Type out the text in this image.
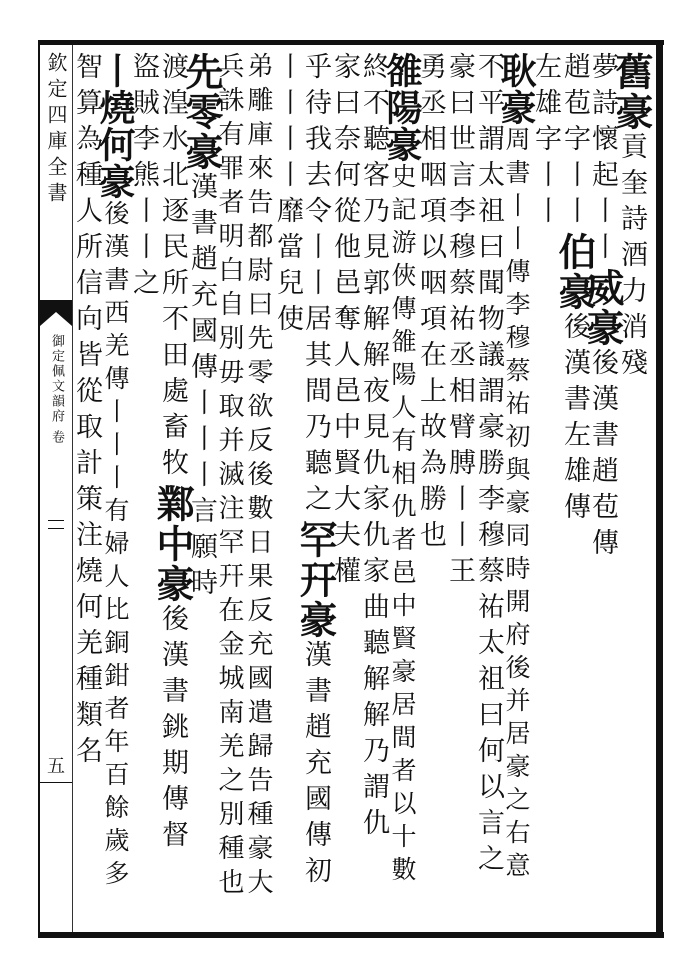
欽定四庫全書
御定佩文韻府 卷
五
舊豪貢奎詩酒力消殘
夢詩懷起丨丨威豪後漢書趙苞傳
趙苞字丨丨伯豪後漢書左雄傳
左雄字丨丨
耿豪周書丨丨傳李穆蔡祐初與豪同時開府後并居豪之右意
不平謂太祖曰聞物議謂豪勝李穆蔡祐太祖曰何以言之
豪曰世言李穆蔡祐丞相臂膊丨丨王
勇丞相咽項以咽項在上故為勝也
雒陽豪史記游俠傳雒陽人有相仇者邑中賢豪居間者以十數
終不聽客乃見郭解解夜見仇家仇家曲聽解解乃謂仇
家曰奈何從他邑奪人邑中賢大夫權
乎待我去令丨丨居其間乃聽之罕幵豪漢書趙充國傳初
丨丨丨丨靡當兒使
弟雕庫來告都尉曰先零欲反後數日果反充國遣歸告種豪大
兵誅有罪者明白自別毋取并滅注罕幵在金城南羌之別種也
先零豪漢書趙充國傳丨丨丨言願時
渡湟水北逐民所不田處畜牧鄴中豪後漢書銚期傳督
盜賊李熊丨丨之
丨燒何豪後漢書西羌傳丨丨丨有婦人比銅鉗者年百餘歲多
智算為種人所信向皆從取計策注燒何羌種類名
